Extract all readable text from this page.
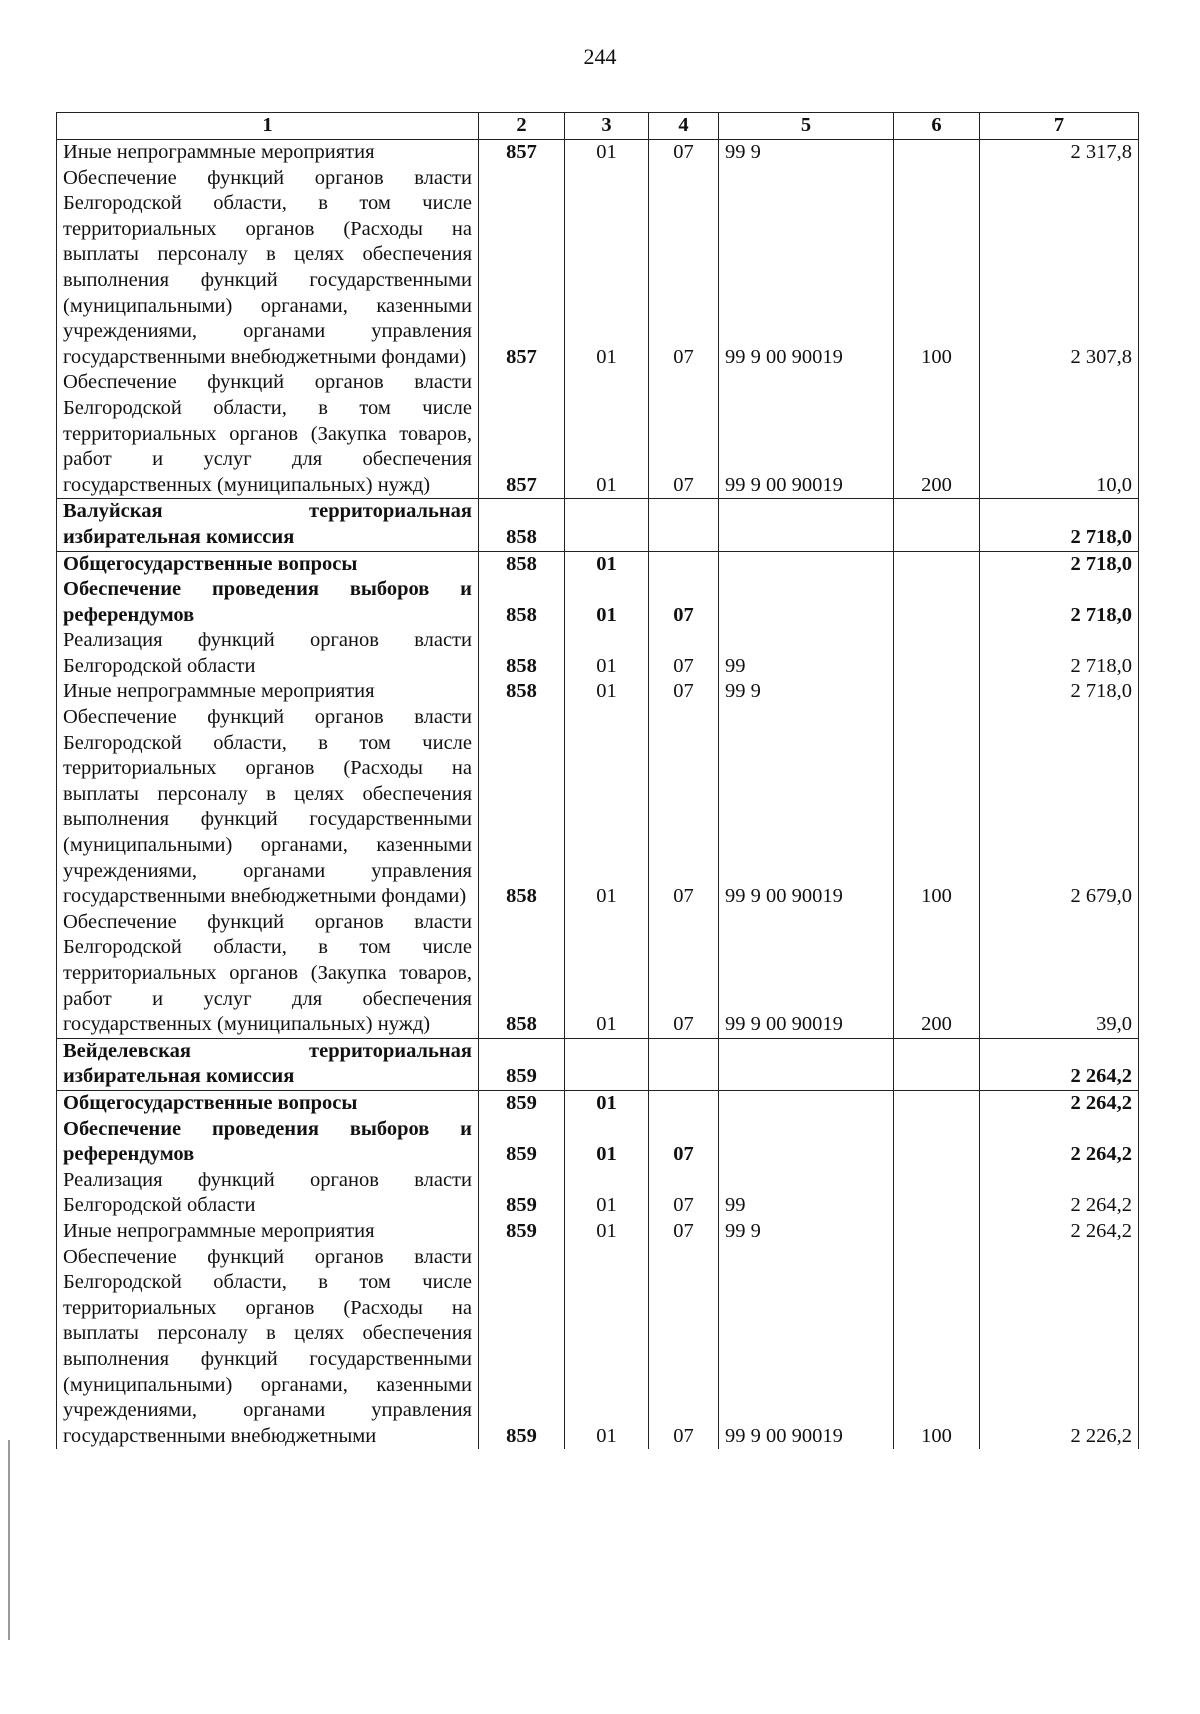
244
1	2	3	4	5	6	7
Иные непрограммные мероприятия	857	01	07	99 9		2 317,8
Обеспечение функций органов власти Белгородской области, в том числе территориальных органов (Расходы на выплаты персоналу в целях обеспечения выполнения функций государственными (муниципальными) органами, казенными учреждениями, органами управления государственными внебюджетными фондами)	857	01	07	99 9 00 90019	100	2 307,8
Обеспечение функций органов власти Белгородской области, в том числе территориальных органов (Закупка товаров, работ и услуг для обеспечения государственных (муниципальных) нужд)	857	01	07	99 9 00 90019	200	10,0
Валуйская территориальная избирательная комиссия	858					2 718,0
Общегосударственные вопросы	858	01				2 718,0
Обеспечение проведения выборов и референдумов	858	01	07			2 718,0
Реализация функций органов власти Белгородской области	858	01	07	99		2 718,0
Иные непрограммные мероприятия	858	01	07	99 9		2 718,0
Обеспечение функций органов власти Белгородской области, в том числе территориальных органов (Расходы на выплаты персоналу в целях обеспечения выполнения функций государственными (муниципальными) органами, казенными учреждениями, органами управления государственными внебюджетными фондами)	858	01	07	99 9 00 90019	100	2 679,0
Обеспечение функций органов власти Белгородской области, в том числе территориальных органов (Закупка товаров, работ и услуг для обеспечения государственных (муниципальных) нужд)	858	01	07	99 9 00 90019	200	39,0
Вейделевская территориальная избирательная комиссия	859					2 264,2
Общегосударственные вопросы	859	01				2 264,2
Обеспечение проведения выборов и референдумов	859	01	07			2 264,2
Реализация функций органов власти Белгородской области	859	01	07	99		2 264,2
Иные непрограммные мероприятия	859	01	07	99 9		2 264,2
Обеспечение функций органов власти Белгородской области, в том числе территориальных органов (Расходы на выплаты персоналу в целях обеспечения выполнения функций государственными (муниципальными) органами, казенными учреждениями, органами управления государственными внебюджетными	859	01	07	99 9 00 90019	100	2 226,2
